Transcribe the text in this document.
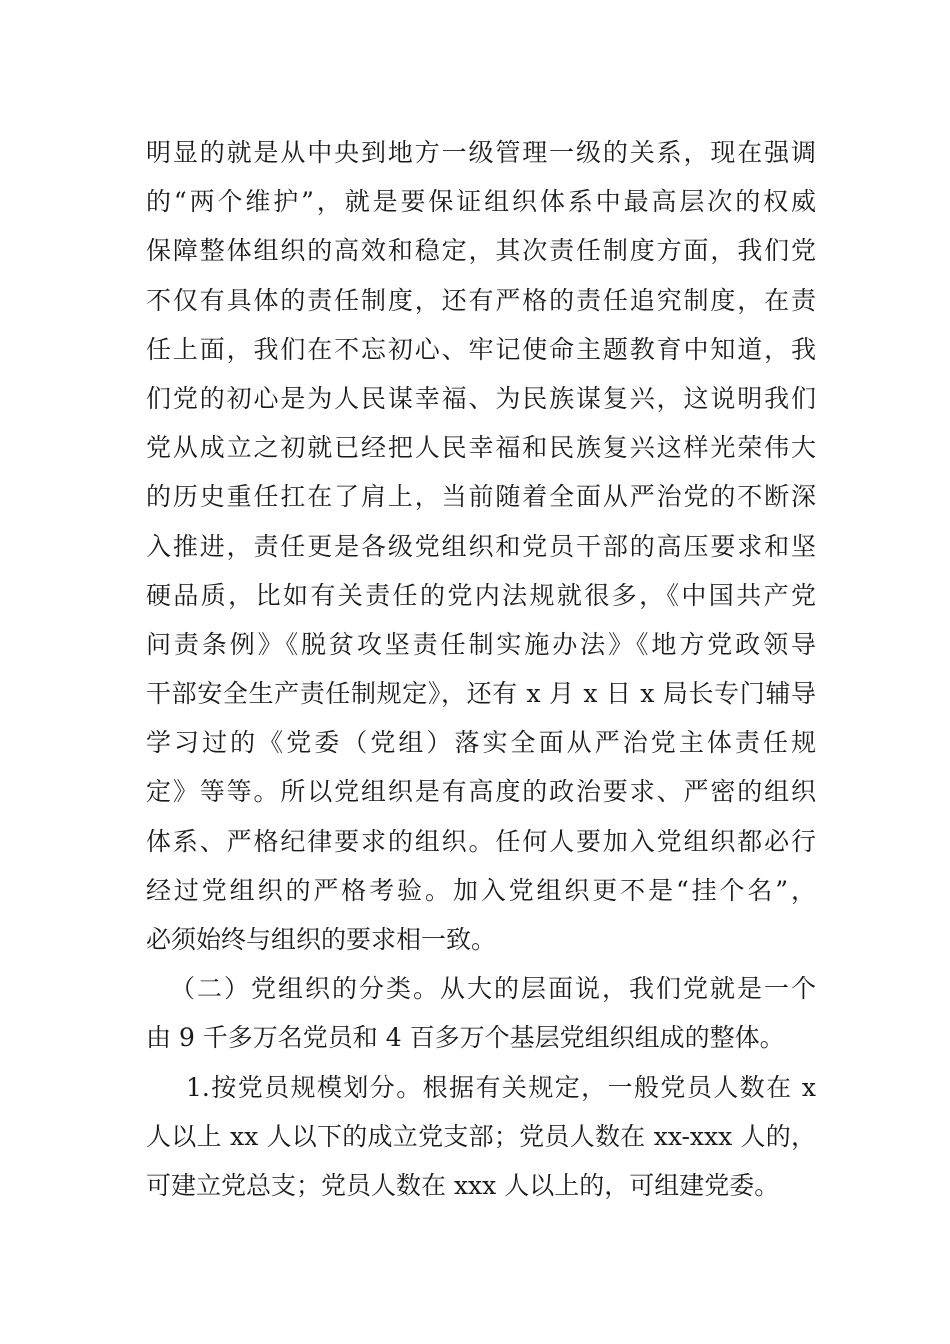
明显的就是从中央到地方一级管理一级的关系，现在强调
的“两个维护”，就是要保证组织体系中最高层次的权威
保障整体组织的高效和稳定，其次责任制度方面，我们党
不仅有具体的责任制度，还有严格的责任追究制度，在责
任上面，我们在不忘初心、牢记使命主题教育中知道，我
们党的初心是为人民谋幸福、为民族谋复兴，这说明我们
党从成立之初就已经把人民幸福和民族复兴这样光荣伟大
的历史重任扛在了肩上，当前随着全面从严治党的不断深
入推进，责任更是各级党组织和党员干部的高压要求和坚
硬品质，比如有关责任的党内法规就很多，《中国共产党
问责条例》《脱贫攻坚责任制实施办法》《地方党政领导
干部安全生产责任制规定》，还有 x 月 x 日 x 局长专门辅导
学习过的《党委（党组）落实全面从严治党主体责任规
定》等等。所以党组织是有高度的政治要求、严密的组织
体系、严格纪律要求的组织。任何人要加入党组织都必行
经过党组织的严格考验。加入党组织更不是“挂个名”，
必须始终与组织的要求相一致。
（二）党组织的分类。从大的层面说，我们党就是一个
由 9 千多万名党员和 4 百多万个基层党组织组成的整体。
1.按党员规模划分。根据有关规定，一般党员人数在 x
人以上 xx 人以下的成立党支部；党员人数在 xx-xxx 人的，
可建立党总支；党员人数在 xxx 人以上的，可组建党委。
